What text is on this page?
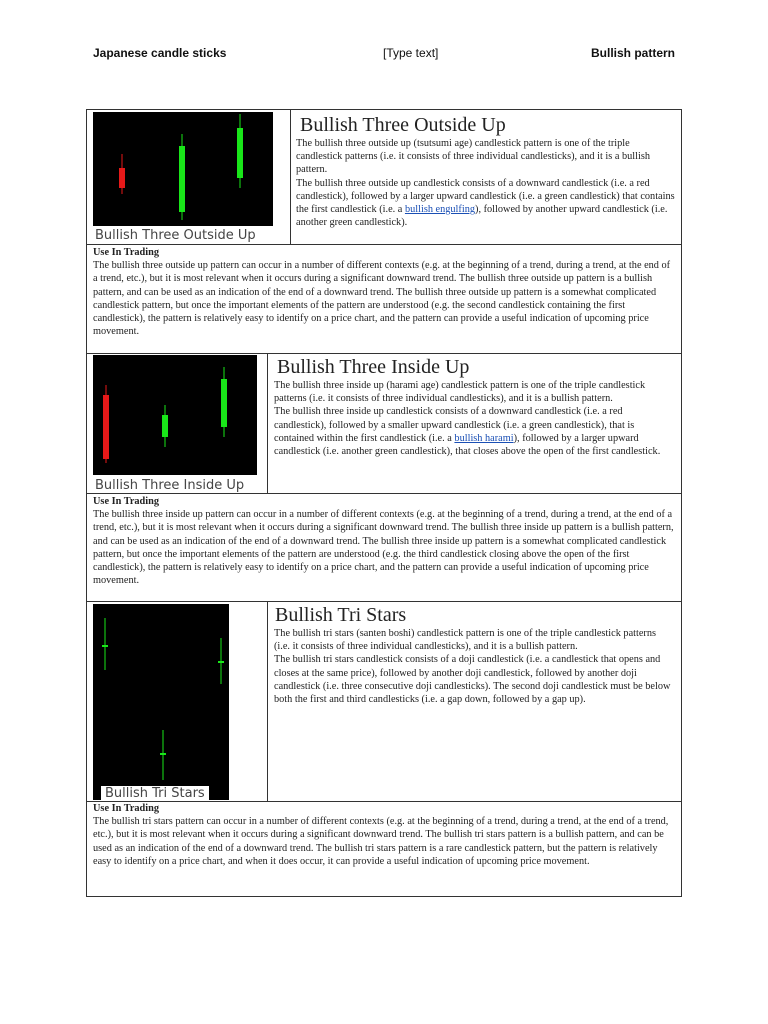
Japanese candle sticks	[Type text]	Bullish pattern
Bullish Three Outside Up
Bullish Three Outside Up

The bullish three outside up (tsutsumi age) candlestick pattern is one of the triple candlestick patterns (i.e. it consists of three individual candlesticks), and it is a bullish pattern.

The bullish three outside up candlestick consists of a downward candlestick (i.e. a red candlestick), followed by a larger upward candlestick (i.e. a green candlestick) that contains the first candlestick (i.e. a bullish engulfing), followed by another upward candlestick (i.e. another green candlestick).

Use In Trading

The bullish three outside up pattern can occur in a number of different contexts (e.g. at the beginning of a trend, during a trend, at the end of a trend, etc.), but it is most relevant when it occurs during a significant downward trend. The bullish three outside up pattern is a bullish pattern, and can be used as an indication of the end of a downward trend. The bullish three outside up pattern is a somewhat complicated candlestick pattern, but once the important elements of the pattern are understood (e.g. the second candlestick containing the first candlestick), the pattern is relatively easy to identify on a price chart, and the pattern can provide a useful indication of upcoming price movement.

Bullish Three Inside Up
Bullish Three Inside Up

The bullish three inside up (harami age) candlestick pattern is one of the triple candlestick patterns (i.e. it consists of three individual candlesticks), and it is a bullish pattern.

The bullish three inside up candlestick consists of a downward candlestick (i.e. a red candlestick), followed by a smaller upward candlestick (i.e. a green candlestick), that is contained within the first candlestick (i.e. a bullish harami), followed by a larger upward candlestick (i.e. another green candlestick), that closes above the open of the first candlestick.

Use In Trading

The bullish three inside up pattern can occur in a number of different contexts (e.g. at the beginning of a trend, during a trend, at the end of a trend, etc.), but it is most relevant when it occurs during a significant downward trend. The bullish three inside up pattern is a bullish pattern, and can be used as an indication of the end of a downward trend. The bullish three inside up pattern is a somewhat complicated candlestick pattern, but once the important elements of the pattern are understood (e.g. the third candlestick closing above the open of the first candlestick), the pattern is relatively easy to identify on a price chart, and the pattern can provide a useful indication of upcoming price movement.

Bullish Tri Stars
Bullish Tri Stars

The bullish tri stars (santen boshi) candlestick pattern is one of the triple candlestick patterns (i.e. it consists of three individual candlesticks), and it is a bullish pattern.

The bullish tri stars candlestick consists of a doji candlestick (i.e. a candlestick that opens and closes at the same price), followed by another doji candlestick, followed by another doji candlestick (i.e. three consecutive doji candlesticks). The second doji candlestick must be below both the first and third candlesticks (i.e. a gap down, followed by a gap up).

Use In Trading

The bullish tri stars pattern can occur in a number of different contexts (e.g. at the beginning of a trend, during a trend, at the end of a trend, etc.), but it is most relevant when it occurs during a significant downward trend. The bullish tri stars pattern is a bullish pattern, and can be used as an indication of the end of a downward trend. The bullish tri stars pattern is a rare candlestick pattern, but the pattern is relatively easy to identify on a price chart, and when it does occur, it can provide a useful indication of upcoming price movement.
